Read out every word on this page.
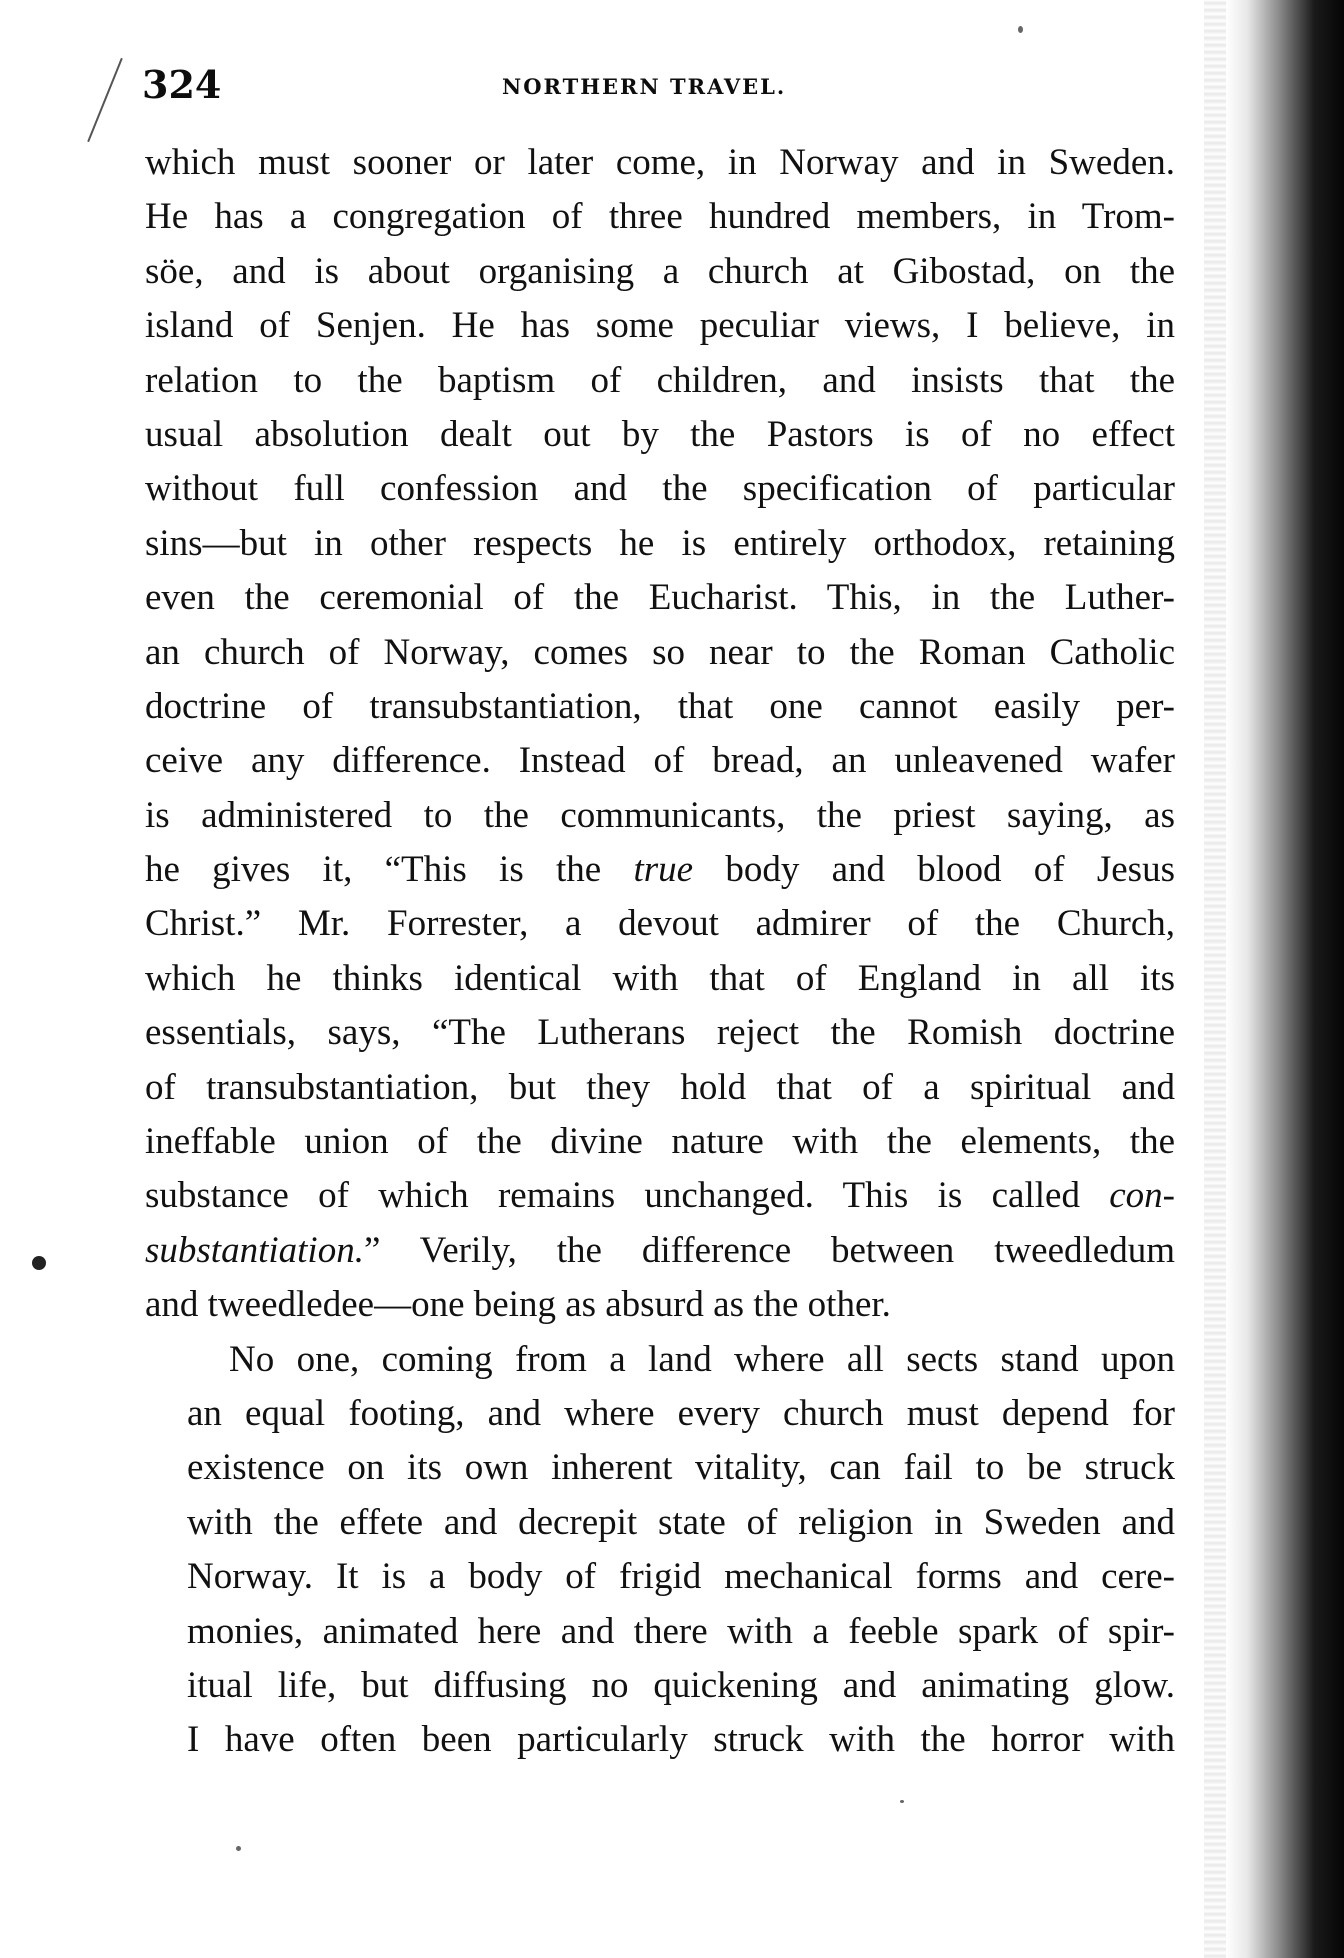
324	NORTHERN TRAVEL.
which must sooner or later come, in Norway and in Sweden.
He has a congregation of three hundred members, in Trom-
söe, and is about organising a church at Gibostad, on the
island of Senjen. He has some peculiar views, I believe, in
relation to the baptism of children, and insists that the
usual absolution dealt out by the Pastors is of no effect
without full confession and the specification of particular
sins—but in other respects he is entirely orthodox, retaining
even the ceremonial of the Eucharist. This, in the Luther-
an church of Norway, comes so near to the Roman Catholic
doctrine of transubstantiation, that one cannot easily per-
ceive any difference. Instead of bread, an unleavened wafer
is administered to the communicants, the priest saying, as
he gives it, “This is the true body and blood of Jesus
Christ.” Mr. Forrester, a devout admirer of the Church,
which he thinks identical with that of England in all its
essentials, says, “The Lutherans reject the Romish doctrine
of transubstantiation, but they hold that of a spiritual and
ineffable union of the divine nature with the elements, the
substance of which remains unchanged. This is called con-
substantiation.” Verily, the difference between tweedledum
and tweedledee—one being as absurd as the other.
No one, coming from a land where all sects stand upon
an equal footing, and where every church must depend for
existence on its own inherent vitality, can fail to be struck
with the effete and decrepit state of religion in Sweden and
Norway. It is a body of frigid mechanical forms and cere-
monies, animated here and there with a feeble spark of spir-
itual life, but diffusing no quickening and animating glow.
I have often been particularly struck with the horror with
